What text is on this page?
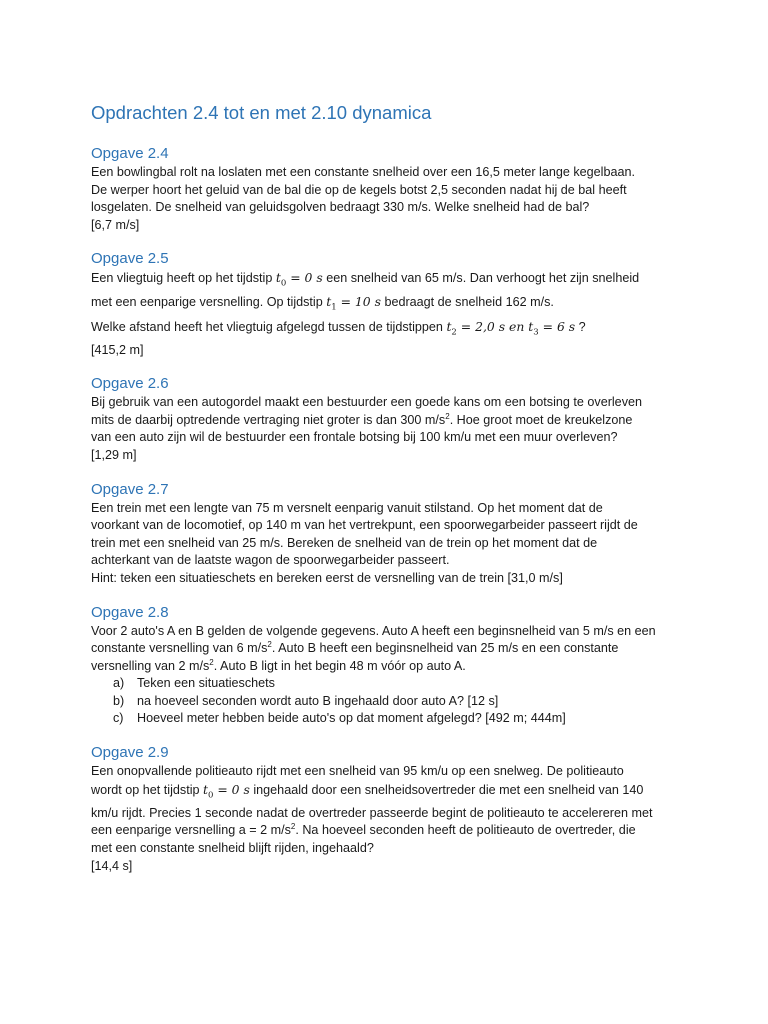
Opdrachten 2.4 tot en met 2.10 dynamica
Opgave 2.4
Een bowlingbal rolt na loslaten met een constante snelheid over een 16,5 meter lange kegelbaan.
De werper hoort het geluid van de bal die op de kegels botst 2,5 seconden nadat hij de bal heeft
losgelaten. De snelheid van geluidsgolven bedraagt 330 m/s. Welke snelheid had de bal?
[6,7 m/s]
Opgave 2.5
Een vliegtuig heeft op het tijdstip $t_0 = 0$ s een snelheid van 65 m/s. Dan verhoogt het zijn snelheid
met een eenparige versnelling. Op tijdstip $t_1 = 10$ s bedraagt de snelheid 162 m/s.
Welke afstand heeft het vliegtuig afgelegd tussen de tijdstippen $t_2 = 2,0$ s en $t_3 = 6$ s ?
[415,2 m]
Opgave 2.6
Bij gebruik van een autogordel maakt een bestuurder een goede kans om een botsing te overleven
mits de daarbij optredende vertraging niet groter is dan 300 $m/s^2$. Hoe groot moet de kreukelzone
van een auto zijn wil de bestuurder een frontale botsing bij 100 km/u met een muur overleven?
[1,29 m]
Opgave 2.7
Een trein met een lengte van 75 m versnelt eenparig vanuit stilstand. Op het moment dat de
voorkant van de locomotief, op 140 m van het vertrekpunt, een spoorwegarbeider passeert rijdt de
trein met een snelheid van 25 m/s. Bereken de snelheid van de trein op het moment dat de
achterkant van de laatste wagon de spoorwegarbeider passeert.
Hint: teken een situatieschets en bereken eerst de versnelling van de trein [31,0 m/s]
Opgave 2.8
Voor 2 auto's A en B gelden de volgende gegevens. Auto A heeft een beginsnelheid van 5 m/s en een
constante versnelling van 6 $m/s^2$. Auto B heeft een beginsnelheid van 25 m/s en een constante
versnelling van 2 $m/s^2$. Auto B ligt in het begin 48 m vóór op auto A.
a)	Teken een situatieschets
b)	na hoeveel seconden wordt auto B ingehaald door auto A? [12 s]
c)	Hoeveel meter hebben beide auto's op dat moment afgelegd? [492 m; 444m]
Opgave 2.9
Een onopvallende politieauto rijdt met een snelheid van 95 km/u op een snelweg. De politieauto
wordt op het tijdstip $t_0 = 0$ s ingehaald door een snelheidsovertreder die met een snelheid van 140
km/u rijdt. Precies 1 seconde nadat de overtreder passeerde begint de politieauto te accelereren met
een eenparige versnelling a = 2 $m/s^2$. Na hoeveel seconden heeft de politieauto de overtreder, die
met een constante snelheid blijft rijden, ingehaald?
[14,4 s]
